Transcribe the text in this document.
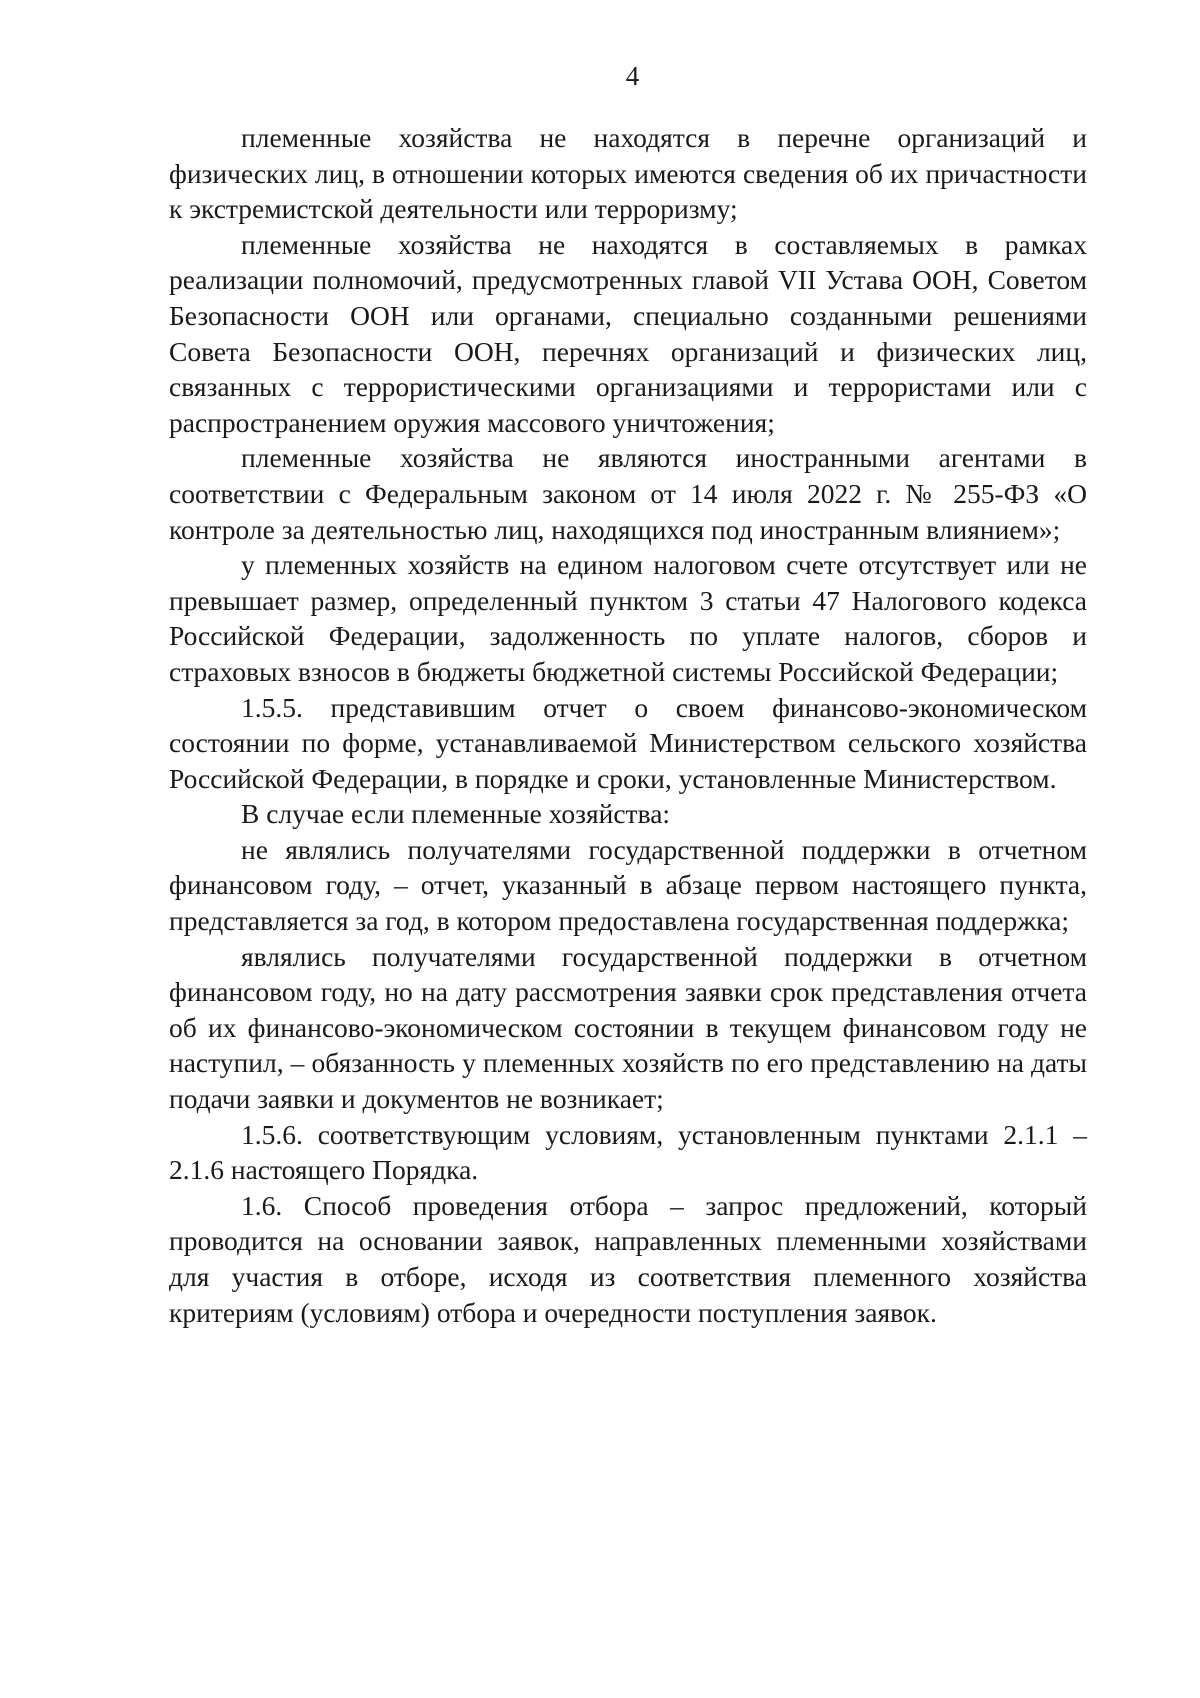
4

племенные хозяйства не находятся в перечне организаций и физических лиц, в отношении которых имеются сведения об их причастности к экстремистской деятельности или терроризму;

племенные хозяйства не находятся в составляемых в рамках реализации полномочий, предусмотренных главой VII Устава ООН, Советом Безопасности ООН или органами, специально созданными решениями Совета Безопасности ООН, перечнях организаций и физических лиц, связанных с террористическими организациями и террористами или с распространением оружия массового уничтожения;

племенные хозяйства не являются иностранными агентами в соответствии с Федеральным законом от 14 июля 2022 г. № 255-ФЗ «О контроле за деятельностью лиц, находящихся под иностранным влиянием»;

у племенных хозяйств на едином налоговом счете отсутствует или не превышает размер, определенный пунктом 3 статьи 47 Налогового кодекса Российской Федерации, задолженность по уплате налогов, сборов и страховых взносов в бюджеты бюджетной системы Российской Федерации;

1.5.5. представившим отчет о своем финансово-экономическом состоянии по форме, устанавливаемой Министерством сельского хозяйства Российской Федерации, в порядке и сроки, установленные Министерством.

В случае если племенные хозяйства:

не являлись получателями государственной поддержки в отчетном финансовом году, – отчет, указанный в абзаце первом настоящего пункта, представляется за год, в котором предоставлена государственная поддержка;

являлись получателями государственной поддержки в отчетном финансовом году, но на дату рассмотрения заявки срок представления отчета об их финансово-экономическом состоянии в текущем финансовом году не наступил, – обязанность у племенных хозяйств по его представлению на даты подачи заявки и документов не возникает;

1.5.6. соответствующим условиям, установленным пунктами 2.1.1 – 2.1.6 настоящего Порядка.

1.6. Способ проведения отбора – запрос предложений, который проводится на основании заявок, направленных племенными хозяйствами для участия в отборе, исходя из соответствия племенного хозяйства критериям (условиям) отбора и очередности поступления заявок.
